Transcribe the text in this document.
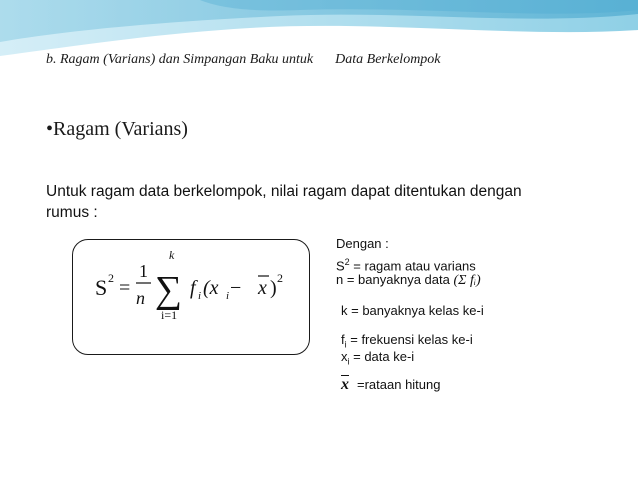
b. Ragam (Varians) dan Simpangan Baku untuk Data Berkelompok
•Ragam (Varians)
Untuk ragam data berkelompok, nilai ragam dapat ditentukan dengan rumus :
S 2 =
1
n
k
∑
i=1
f i (x i − x ) 2
Dengan :
$S^2$ = ragam atau varians
n = banyaknya data (Σ fᵢ)
k = banyaknya kelas ke-i
$f_i$ = frekuensi kelas ke-i
$x_i$ = data ke-i
$\overline{x}$ =rataan hitung
